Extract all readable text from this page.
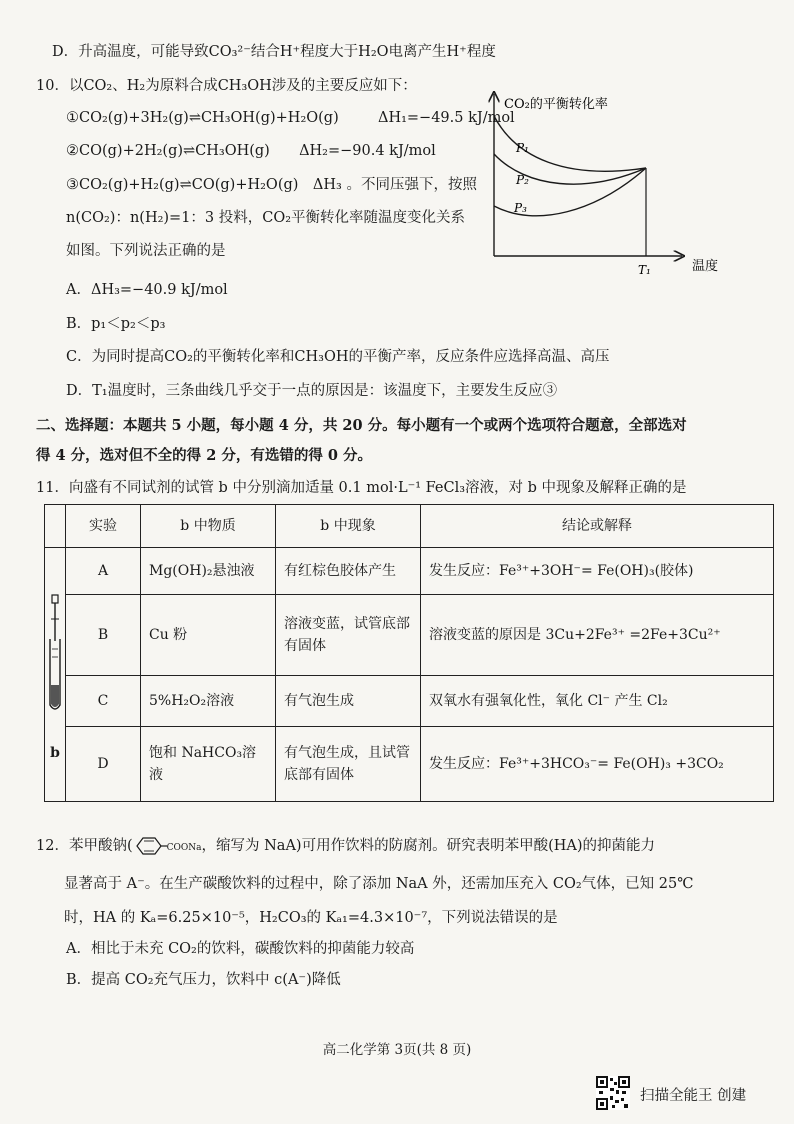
D．升高温度，可能导致CO₃²⁻结合H⁺程度大于H₂O电离产生H⁺程度
10．以CO₂、H₂为原料合成CH₃OH涉及的主要反应如下：
①CO₂(g)+3H₂(g)⇌CH₃OH(g)+H₂O(g)	ΔH₁=−49.5 kJ/mol
②CO(g)+2H₂(g)⇌CH₃OH(g) ΔH₂=−90.4 kJ/mol
③CO₂(g)+H₂(g)⇌CO(g)+H₂O(g)　ΔH₃ 。不同压强下，按照
n(CO₂)：n(H₂)=1：3 投料，CO₂平衡转化率随温度变化关系
如图。下列说法正确的是
A．ΔH₃=−40.9 kJ/mol
B．p₁＜p₂＜p₃
C．为同时提高CO₂的平衡转化率和CH₃OH的平衡产率，反应条件应选择高温、高压
D．T₁温度时，三条曲线几乎交于一点的原因是：该温度下，主要发生反应③
CO₂的平衡转化率
温度
T₁
P₁
P₂
P₃
二、选择题：本题共 5 小题，每小题 4 分，共 20 分。每小题有一个或两个选项符合题意，全部选对
得 4 分，选对但不全的得 2 分，有选错的得 0 分。
11．向盛有不同试剂的试管 b 中分别滴加适量 0.1 mol·L⁻¹ FeCl₃溶液，对 b 中现象及解释正确的是
	实验	b 中物质	b 中现象	结论或解释

b	A	Mg(OH)₂悬浊液	有红棕色胶体产生	发生反应：Fe³⁺+3OH⁻= Fe(OH)₃(胶体)
	B	Cu 粉	溶液变蓝，试管底部有固体	溶液变蓝的原因是 3Cu+2Fe³⁺ =2Fe+3Cu²⁺
	C	5%H₂O₂溶液	有气泡生成	双氧水有强氧化性，氧化 Cl⁻ 产生 Cl₂
	D	饱和 NaHCO₃溶液	有气泡生成，且试管底部有固体	发生反应：Fe³⁺+3HCO₃⁻= Fe(OH)₃ +3CO₂
12．苯甲酸钠(	COONa，缩写为 NaA)可用作饮料的防腐剂。研究表明苯甲酸(HA)的抑菌能力
显著高于 A⁻。在生产碳酸饮料的过程中，除了添加 NaA 外，还需加压充入 CO₂气体，已知 25℃
时，HA 的 Kₐ=6.25×10⁻⁵，H₂CO₃的 Kₐ₁=4.3×10⁻⁷，下列说法错误的是
A．相比于未充 CO₂的饮料，碳酸饮料的抑菌能力较高
B．提高 CO₂充气压力，饮料中 c(A⁻)降低
高二化学第 3页(共 8 页)
扫描全能王 创建
